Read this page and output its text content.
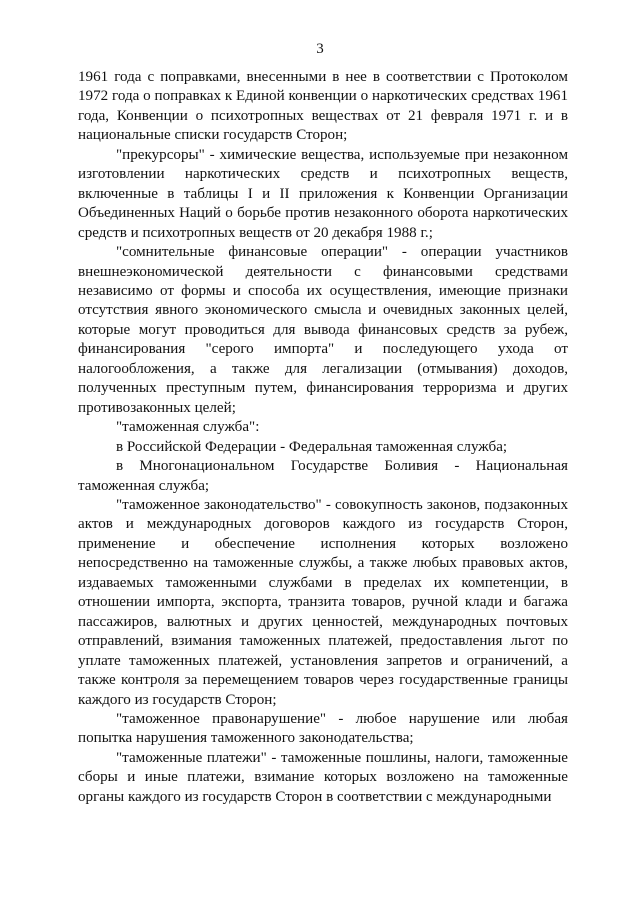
3

1961 года с поправками, внесенными в нее в соответствии с Протоколом 1972 года о поправках к Единой конвенции о наркотических средствах 1961 года, Конвенции о психотропных веществах от 21 февраля 1971 г. и в национальные списки государств Сторон;

"прекурсоры" - химические вещества, используемые при незаконном изготовлении наркотических средств и психотропных веществ, включенные в таблицы I и II приложения к Конвенции Организации Объединенных Наций о борьбе против незаконного оборота наркотических средств и психотропных веществ от 20 декабря 1988 г.;

"сомнительные финансовые операции" - операции участников внешнеэкономической деятельности с финансовыми средствами независимо от формы и способа их осуществления, имеющие признаки отсутствия явного экономического смысла и очевидных законных целей, которые могут проводиться для вывода финансовых средств за рубеж, финансирования "серого импорта" и последующего ухода от налогообложения, а также для легализации (отмывания) доходов, полученных преступным путем, финансирования терроризма и других противозаконных целей;

"таможенная служба":

в Российской Федерации - Федеральная таможенная служба;

в Многонациональном Государстве Боливия - Национальная таможенная служба;

"таможенное законодательство" - совокупность законов, подзаконных актов и международных договоров каждого из государств Сторон, применение и обеспечение исполнения которых возложено непосредственно на таможенные службы, а также любых правовых актов, издаваемых таможенными службами в пределах их компетенции, в отношении импорта, экспорта, транзита товаров, ручной клади и багажа пассажиров, валютных и других ценностей, международных почтовых отправлений, взимания таможенных платежей, предоставления льгот по уплате таможенных платежей, установления запретов и ограничений, а также контроля за перемещением товаров через государственные границы каждого из государств Сторон;

"таможенное правонарушение" - любое нарушение или любая попытка нарушения таможенного законодательства;

"таможенные платежи" - таможенные пошлины, налоги, таможенные сборы и иные платежи, взимание которых возложено на таможенные органы каждого из государств Сторон в соответствии с международными
